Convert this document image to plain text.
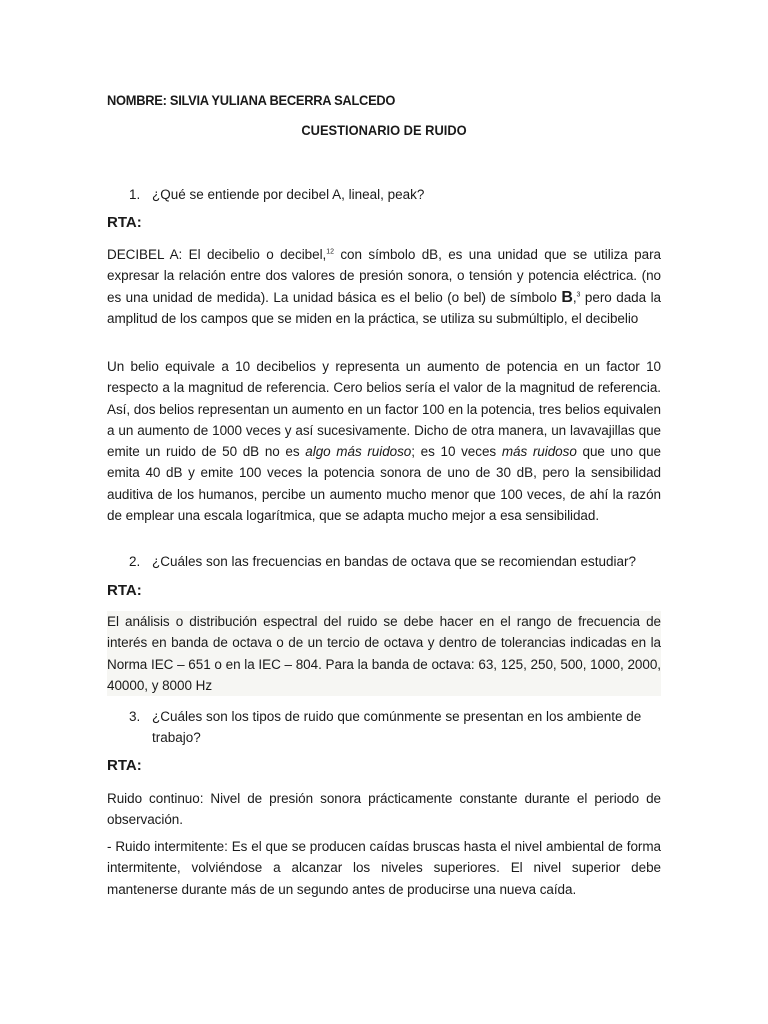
NOMBRE: SILVIA YULIANA BECERRA SALCEDO
CUESTIONARIO DE RUIDO
1. ¿Qué se entiende por decibel A, lineal, peak?
RTA:
DECIBEL A: El decibelio o decibel,$^{12}$ con símbolo dB, es una unidad que se utiliza para expresar la relación entre dos valores de presión sonora, o tensión y potencia eléctrica. (no es una unidad de medida). La unidad básica es el belio (o bel) de símbolo B,$^3$ pero dada la amplitud de los campos que se miden en la práctica, se utiliza su submúltiplo, el decibelio
Un belio equivale a 10 decibelios y representa un aumento de potencia en un factor 10 respecto a la magnitud de referencia. Cero belios sería el valor de la magnitud de referencia. Así, dos belios representan un aumento en un factor 100 en la potencia, tres belios equivalen a un aumento de 1000 veces y así sucesivamente. Dicho de otra manera, un lavavajillas que emite un ruido de 50 dB no es algo más ruidoso; es 10 veces más ruidoso que uno que emita 40 dB y emite 100 veces la potencia sonora de uno de 30 dB, pero la sensibilidad auditiva de los humanos, percibe un aumento mucho menor que 100 veces, de ahí la razón de emplear una escala logarítmica, que se adapta mucho mejor a esa sensibilidad.
2. ¿Cuáles son las frecuencias en bandas de octava que se recomiendan estudiar?
RTA:
El análisis o distribución espectral del ruido se debe hacer en el rango de frecuencia de interés en banda de octava o de un tercio de octava y dentro de tolerancias indicadas en la Norma IEC – 651 o en la IEC – 804. Para la banda de octava: 63, 125, 250, 500, 1000, 2000, 40000, y 8000 Hz
3. ¿Cuáles son los tipos de ruido que comúnmente se presentan en los ambiente de trabajo?
RTA:
Ruido continuo: Nivel de presión sonora prácticamente constante durante el periodo de observación.
- Ruido intermitente: Es el que se producen caídas bruscas hasta el nivel ambiental de forma intermitente, volviéndose a alcanzar los niveles superiores. El nivel superior debe mantenerse durante más de un segundo antes de producirse una nueva caída.
